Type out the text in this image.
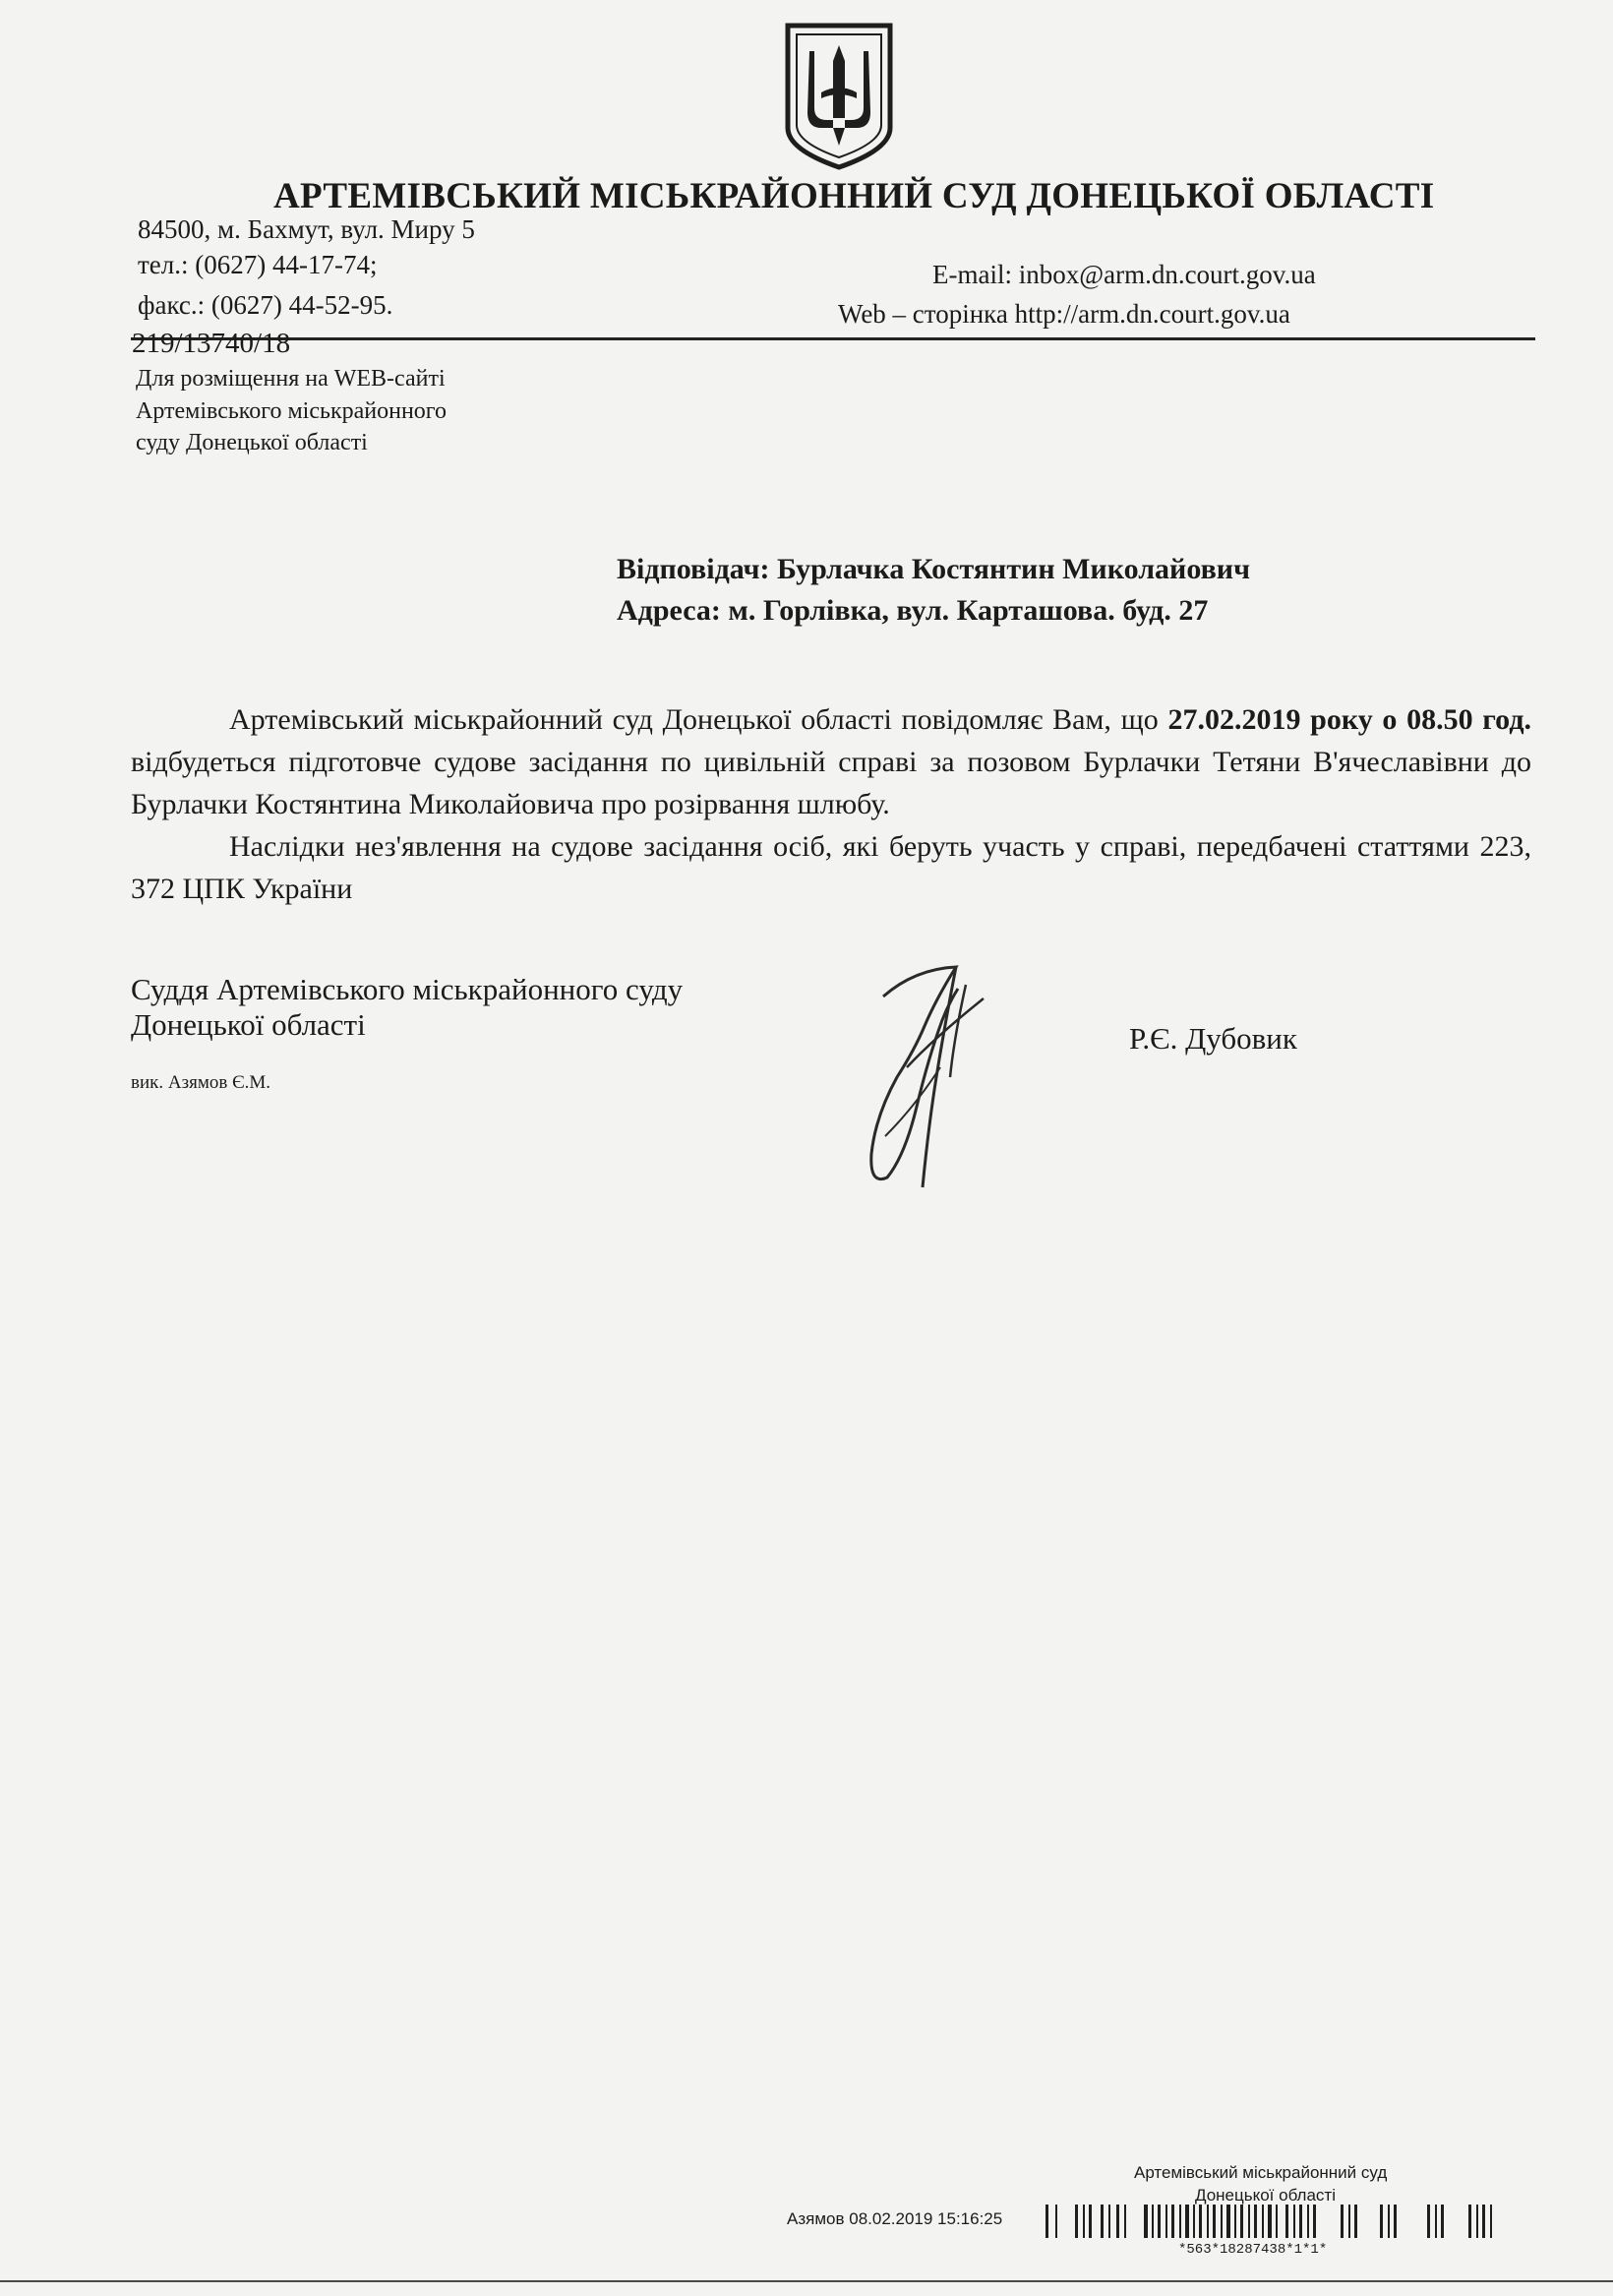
АРТЕМІВСЬКИЙ МІСЬКРАЙОННИЙ СУД ДОНЕЦЬКОЇ ОБЛАСТІ
84500, м. Бахмут, вул. Миру 5
тел.: (0627) 44-17-74;
факс.: (0627) 44-52-95.
E-mail: inbox@arm.dn.court.gov.ua
Web – сторінка http://arm.dn.court.gov.ua
219/13740/18
Для розміщення на WEB-сайті
Артемівського міськрайонного
суду Донецької області
Відповідач: Бурлачка Костянтин Миколайович
Адреса: м. Горлівка, вул. Карташова. буд. 27

Артемівський міськрайонний суд Донецької області повідомляє Вам, що 27.02.2019 року о 08.50 год. відбудеться підготовче судове засідання по цивільній справі за позовом Бурлачки Тетяни В'ячеславівни до Бурлачки Костянтина Миколайовича про розірвання шлюбу.

Наслідки нез'явлення на судове засідання осіб, які беруть участь у справі, передбачені статтями 223, 372 ЦПК України

Суддя Артемівського міськрайонного суду
Донецької області	Р.Є. Дубовик
вик. Азямов Є.М.
Артемівський міськрайонний суд
Донецької області
Азямов 08.02.2019 15:16:25
*563*18287438*1*1*
